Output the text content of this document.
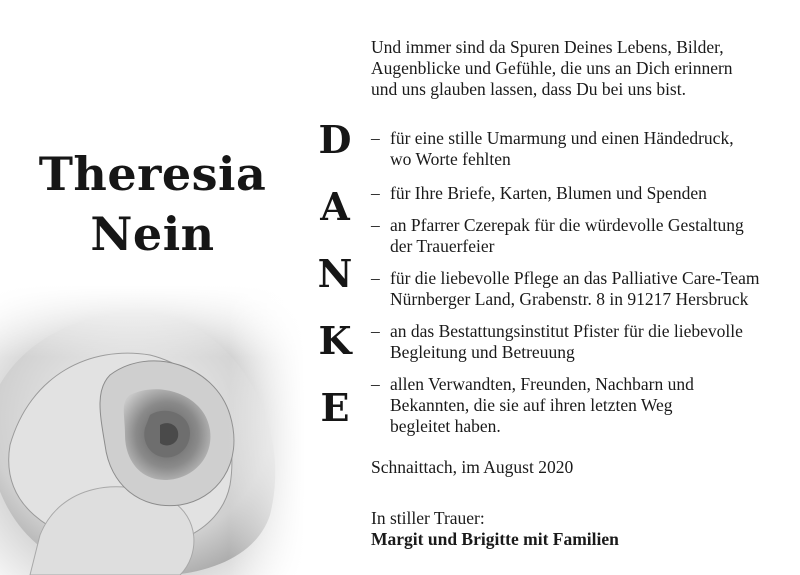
Theresia
Nein
D
A
N
K
E
Und immer sind da Spuren Deines Lebens, Bilder,
Augenblicke und Gefühle, die uns an Dich erinnern
und uns glauben lassen, dass Du bei uns bist.
– für eine stille Umarmung und einen Händedruck,
wo Worte fehlten
– für Ihre Briefe, Karten, Blumen und Spenden
– an Pfarrer Czerepak für die würdevolle Gestaltung
der Trauerfeier
– für die liebevolle Pflege an das Palliative Care-Team
Nürnberger Land, Grabenstr. 8 in 91217 Hersbruck
– an das Bestattungsinstitut Pfister für die liebevolle
Begleitung und Betreuung
– allen Verwandten, Freunden, Nachbarn und
Bekannten, die sie auf ihren letzten Weg
begleitet haben.
Schnaittach, im August 2020
In stiller Trauer:
Margit und Brigitte mit Familien
